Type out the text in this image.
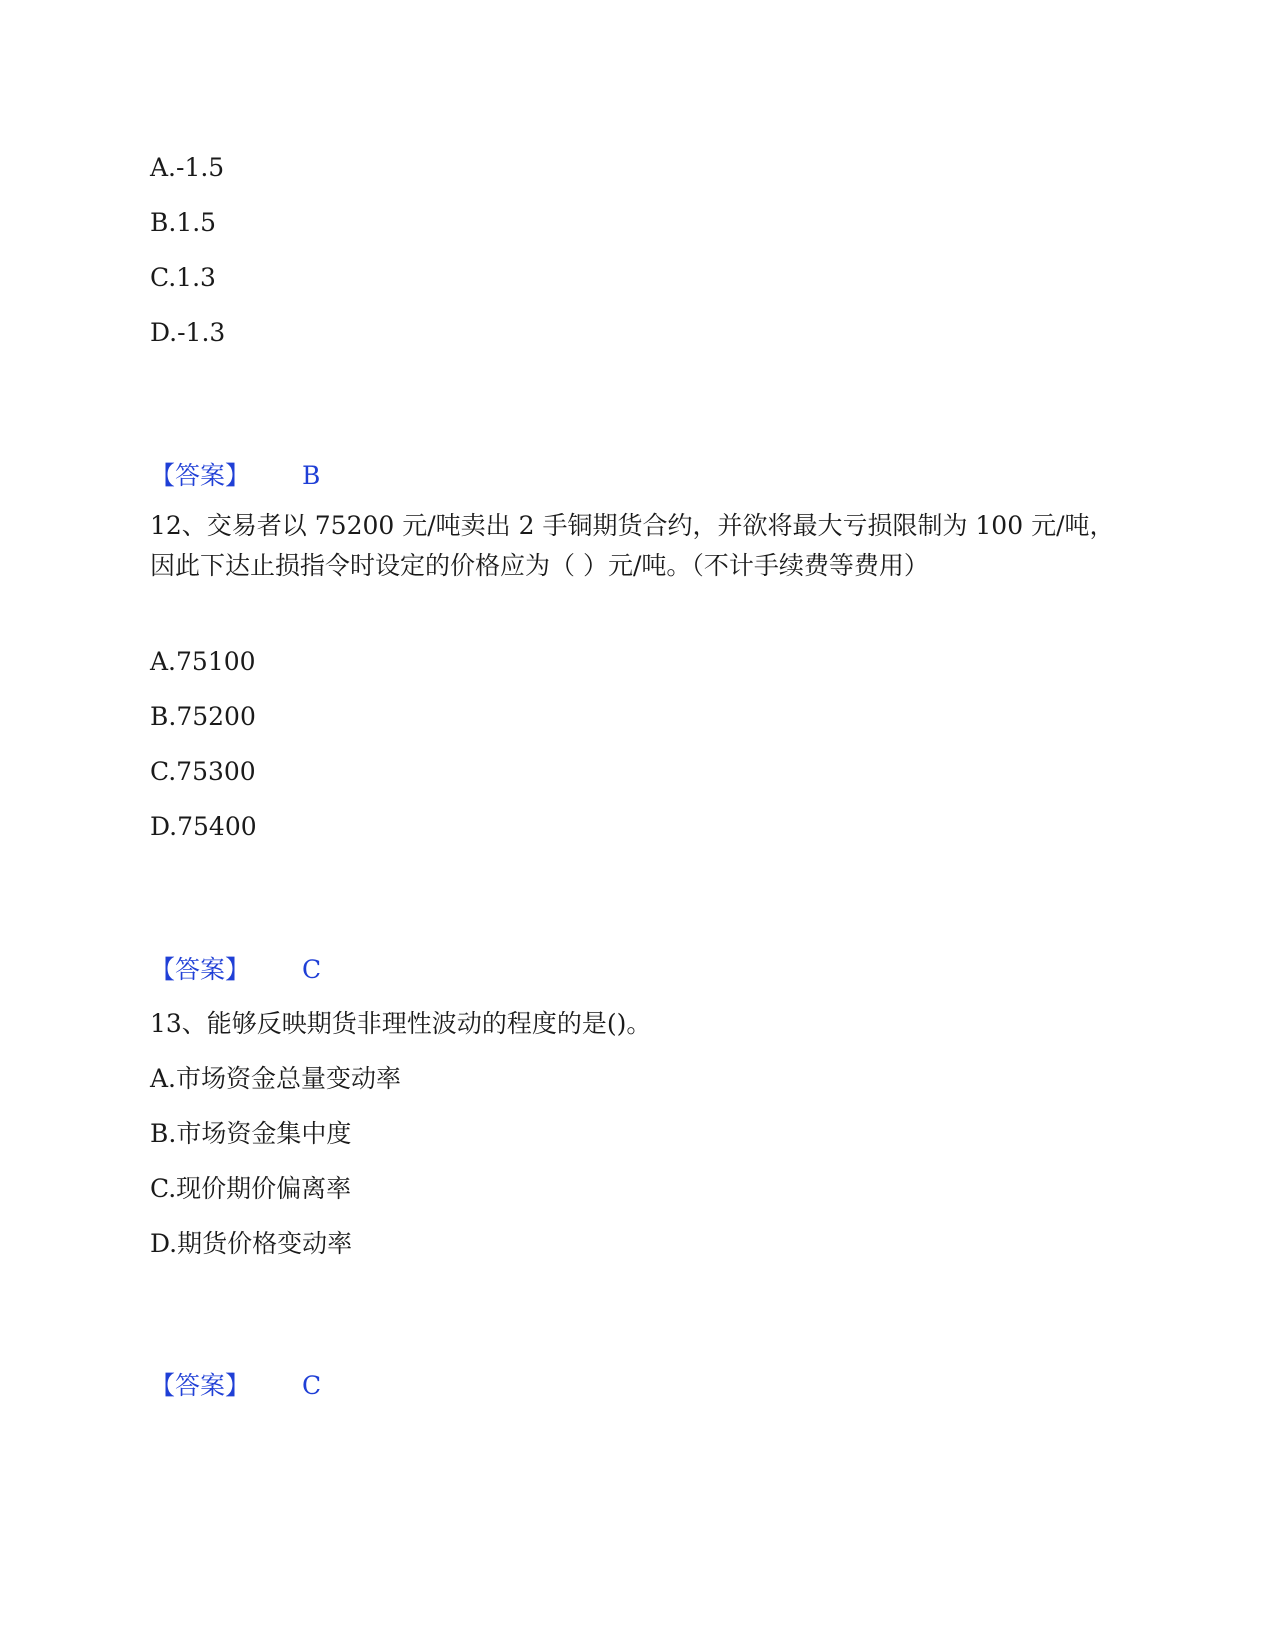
A.-1.5
B.1.5
C.1.3
D.-1.3
【答案】 B
12、交易者以 75200 元/吨卖出 2 手铜期货合约，并欲将最大亏损限制为 100 元/吨，因此下达止损指令时设定的价格应为（ ）元/吨。（不计手续费等费用）
A.75100
B.75200
C.75300
D.75400
【答案】 C
13、能够反映期货非理性波动的程度的是()。
A.市场资金总量变动率
B.市场资金集中度
C.现价期价偏离率
D.期货价格变动率
【答案】 C
